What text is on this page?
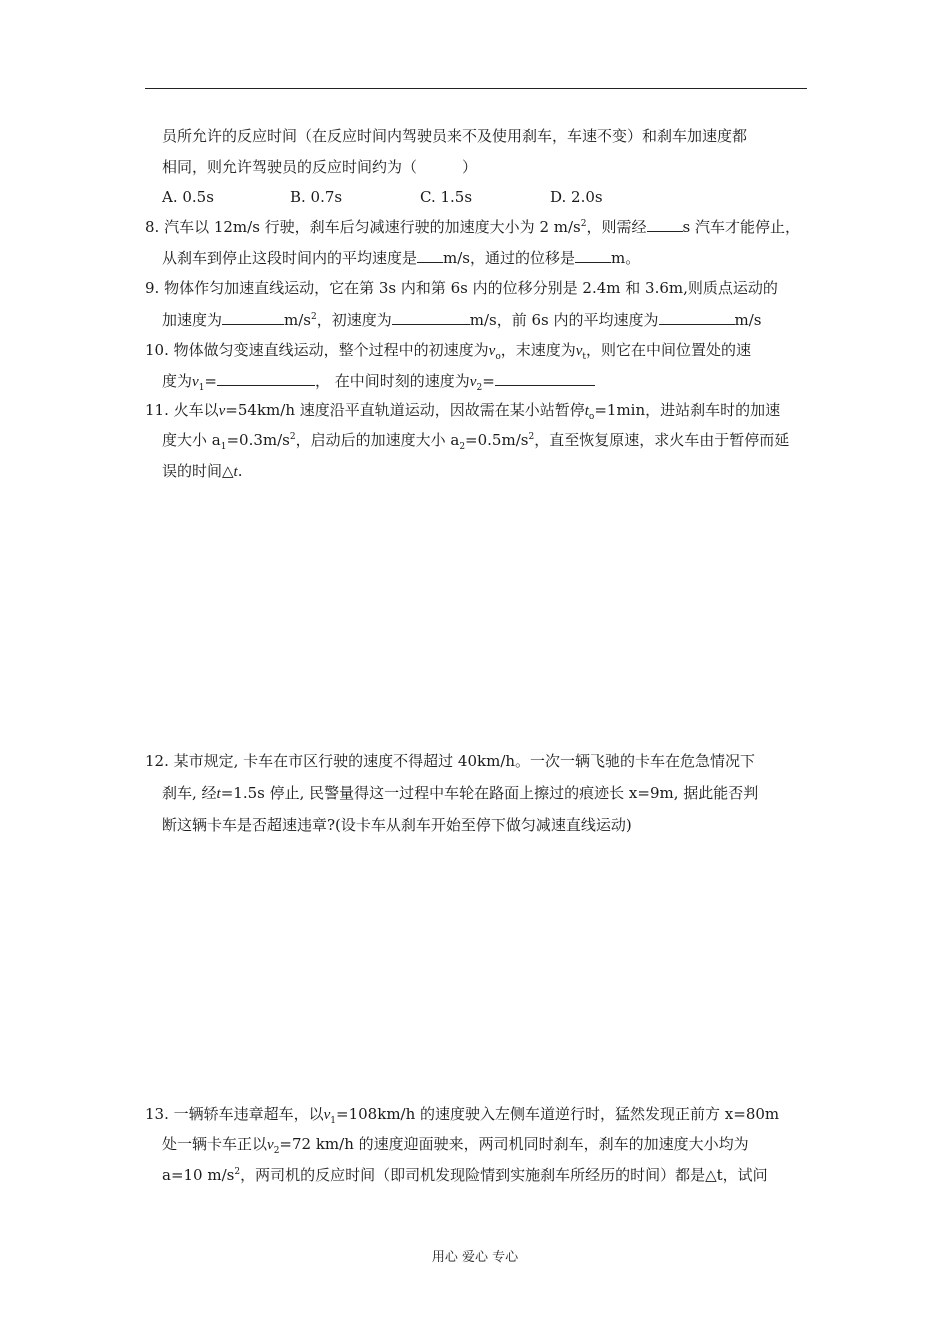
员所允许的反应时间（在反应时间内驾驶员来不及使用刹车，车速不变）和刹车加速度都
相同，则允许驾驶员的反应时间约为（　　　）
A. 0.5s	B. 0.7s	C. 1.5s	D. 2.0s
8. 汽车以 12m/s 行驶，刹车后匀减速行驶的加速度大小为 2 $m/s^2$，则需经 s 汽车才能停止，
从刹车到停止这段时间内的平均速度是 m/s，通过的位移是 m。
9. 物体作匀加速直线运动，它在第 3s 内和第 6s 内的位移分别是 2.4m 和 3.6m,则质点运动的
加速度为	$m/s^2$，初速度为	m/s，前 6s 内的平均速度为	m/s
10. 物体做匀变速直线运动，整个过程中的初速度为$v_o$，末速度为$v_t$，则它在中间位置处的速
度为$v_1=$	， 在中间时刻的速度为$v_2=$
11. 火车以v=54km/h 速度沿平直轨道运动，因故需在某小站暂停$t_o=1\min$，进站刹车时的加速
度大小 $a_1=0.3m/s^2$，启动后的加速度大小 $a_2=0.5m/s^2$，直至恢复原速，求火车由于暂停而延
误的时间△t.
12. 某市规定, 卡车在市区行驶的速度不得超过 40km/h。一次一辆飞驰的卡车在危急情况下
刹车, 经t=1.5s 停止, 民警量得这一过程中车轮在路面上擦过的痕迹长 x=9m, 据此能否判
断这辆卡车是否超速违章?(设卡车从刹车开始至停下做匀减速直线运动)
13. 一辆轿车违章超车，以$v_1=108km/h$ 的速度驶入左侧车道逆行时，猛然发现正前方 x=80m
处一辆卡车正以$v_2=72$ km/h 的速度迎面驶来，两司机同时刹车，刹车的加速度大小均为
a=10 $m/s^2$，两司机的反应时间（即司机发现险情到实施刹车所经历的时间）都是△t，试问
用心 爱心 专心
